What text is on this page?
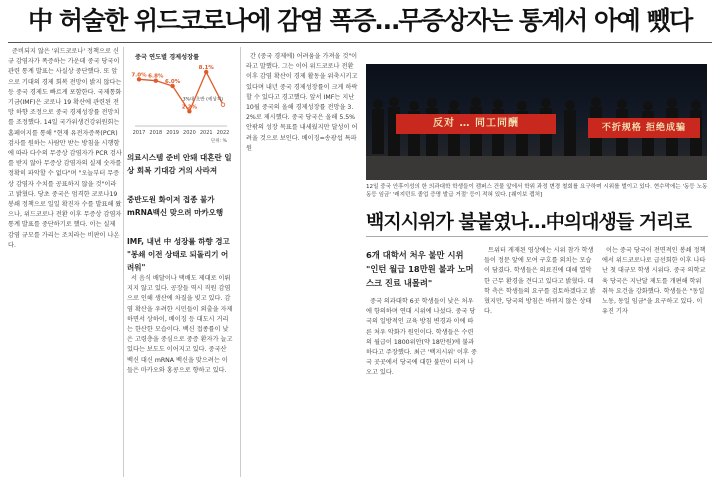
中 허술한 위드코로나에 감염 폭증…무증상자는 통계서 아예 뺐다

준비되지 않은 '위드코로나' 정책으로 신규 감염자가 폭증하는 가운데 중국 당국이 관련 통계 발표는 사실상 중단했다. 또 앞으로 기대의 경제 회복 전망이 밝지 않다는 등 중국 경제도 빠르게 포함한다. 국제통화기금(IMF)은 코로나 19 확산에 관련된 전망 하향 조정으로 중국 경제성장률 전망치를 조정했다. 14일 국가위생건강위원회는 홈페이지를 통해 "현재 유전자증폭(PCR) 검사를 원하는 사람만 받는 방침을 시행함에 따라 다수의 무증상 감염자가 PCR 검사를 받지 않아 무증상 감염자의 실제 숫자를 정확히 파악할 수 없다"며 "오늘부터 무증상 감염자 수치를 공표하지 않을 것"이라고 밝혔다. 당초 중국은 엄격한 코로나19 봉쇄 정책으로 일일 확진자 수를 발표해 왔으나, 위드코로나 전환 이후 무증상 감염자 통계 발표를 중단하기로 했다. 이는 실제 감염 규모를 가리는 조치라는 비판이 나온다.

중국 연도별 경제성장률
7.0%
2017
6.8%
2018
6.0%
2019
2.2%
2020
8.1%
2021 2022
3%대 초반 (예상치)
단위: %
의료시스템 준비 안돼 대혼란 일상 회복 기대감 거의 사라져
중반도원 화이저 접종 불가 mRNA백신 맞으려 마카오행
IMF, 내년 中 성장률 하향 경고 "봉쇄 이전 상태로 되돌리기 어려워"

서 음식 배달이나 택배도 제대로 이뤄지지 않고 있다. 공장들 역시 직원 감염으로 인해 생산에 차질을 빚고 있다. 감염 확산을 우려한 시민들이 외출을 자제하면서 상하이, 베이징 등 대도시 거리는 한산한 모습이다. 백신 접종률이 낮은 고령층을 중심으로 중증 환자가 늘고 있다는 보도도 이어지고 있다. 중국산 백신 대신 mRNA 백신을 맞으려는 이들은 마카오와 홍콩으로 향하고 있다.

간 (중국 경제에) 어려움을 가져올 것"이라고 말했다. 그는 이어 위드코로나 전환 이후 감염 확산이 경제 활동을 위축시키고 있다며 내년 중국 경제성장률이 크게 하락할 수 있다고 경고했다. 앞서 IMF는 지난 10월 중국의 올해 경제성장률 전망을 3.2%로 제시했다. 중국 당국은 올해 5.5% 안팎의 성장 목표를 내세웠지만 달성이 어려울 것으로 보인다. 베이징=송광섭 특파원

反对 … 同工同酬	不折规格 拒绝成骗
12일 중국 안후이성의 한 의과대학 학생들이 캠퍼스 건물 앞에서 학위 과정 변경 철회를 요구하며 시위를 벌이고 있다. 현수막에는 '동등 노동 동등 임금' '레지던트 졸업 증명 발급 거절' 등이 적혀 있다. [웨이보 캡처]
백지시위가 불붙였나…中의대생들 거리로
6개 대학서 처우 불만 시위 "인턴 월급 18만원 불과 노머스크 진료 내몰려"

중국 의과대학 6곳 학생들이 낮은 처우에 항의하며 연대 시위에 나섰다. 중국 당국의 일방적인 교육 방침 변경과 이에 따른 처우 악화가 원인이다. 학생들은 수련의 월급이 1800위안(약 18만원)에 불과하다고 주장했다. 최근 '백지시위' 이후 중국 곳곳에서 당국에 대한 불만이 터져 나오고 있다.

트위터 게재된 영상에는 시위 참가 학생들이 정문 앞에 모여 구호를 외치는 모습이 담겼다. 학생들은 의료진에 대해 열악한 근무 환경을 견디고 있다고 밝혔다. 대학 측은 학생들의 요구를 검토하겠다고 밝혔지만, 당국의 방침은 바뀌지 않은 상태다.

이는 중국 당국이 전면적인 봉쇄 정책에서 위드코로나로 급선회한 이후 나타난 첫 대규모 학생 시위다. 중국 의학교육 당국은 지난달 제도를 개편해 학위 취득 요건을 강화했다. 학생들은 "동일 노동, 동일 임금"을 요구하고 있다. 이유진 기자
